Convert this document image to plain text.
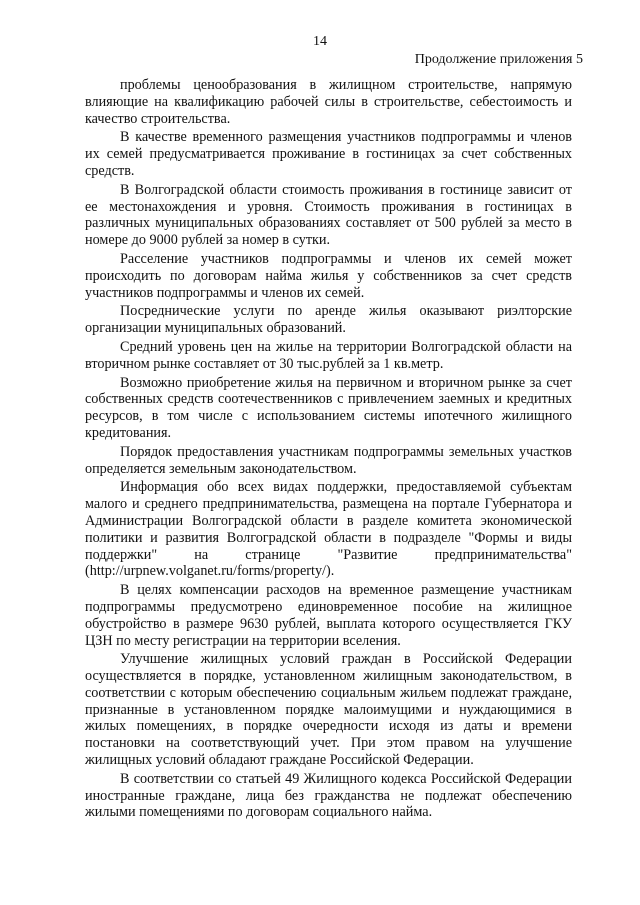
14
Продолжение приложения 5

проблемы ценообразования в жилищном строительстве, напрямую влияющие на квалификацию рабочей силы в строительстве, себестоимость и качество строительства.

В качестве временного размещения участников подпрограммы и членов их семей предусматривается проживание в гостиницах за счет собственных средств.

В Волгоградской области стоимость проживания в гостинице зависит от ее местонахождения и уровня. Стоимость проживания в гостиницах в различных муниципальных образованиях составляет от 500 рублей за место в номере до 9000 рублей за номер в сутки.

Расселение участников подпрограммы и членов их семей может происходить по договорам найма жилья у собственников за счет средств участников подпрограммы и членов их семей.

Посреднические услуги по аренде жилья оказывают риэлторские организации муниципальных образований.

Средний уровень цен на жилье на территории Волгоградской области на вторичном рынке составляет от 30 тыс.рублей за 1 кв.метр.

Возможно приобретение жилья на первичном и вторичном рынке за счет собственных средств соотечественников с привлечением заемных и кредитных ресурсов, в том числе с использованием системы ипотечного жилищного кредитования.

Порядок предоставления участникам подпрограммы земельных участков определяется земельным законодательством.

Информация обо всех видах поддержки, предоставляемой субъектам малого и среднего предпринимательства, размещена на портале Губернатора и Администрации Волгоградской области в разделе комитета экономической политики и развития Волгоградской области в подразделе "Формы и виды поддержки" на странице "Развитие предпринимательства" (http://urpnew.volganet.ru/forms/property/).

В целях компенсации расходов на временное размещение участникам подпрограммы предусмотрено единовременное пособие на жилищное обустройство в размере 9630 рублей, выплата которого осуществляется ГКУ ЦЗН по месту регистрации на территории вселения.

Улучшение жилищных условий граждан в Российской Федерации осуществляется в порядке, установленном жилищным законодательством, в соответствии с которым обеспечению социальным жильем подлежат граждане, признанные в установленном порядке малоимущими и нуждающимися в жилых помещениях, в порядке очередности исходя из даты и времени постановки на соответствующий учет. При этом правом на улучшение жилищных условий обладают граждане Российской Федерации.

В соответствии со статьей 49 Жилищного кодекса Российской Федерации иностранные граждане, лица без гражданства не подлежат обеспечению жилыми помещениями по договорам социального найма.
